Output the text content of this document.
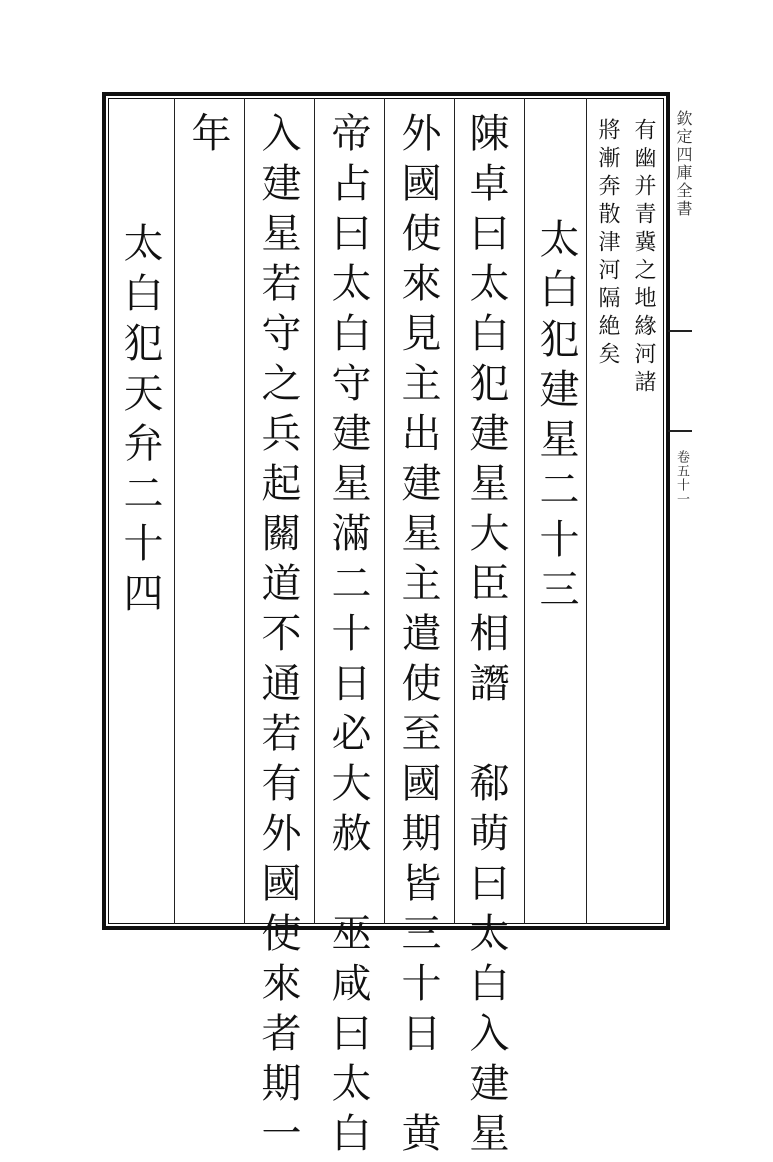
欽定四庫全書
卷五十一
有幽并青冀之地緣河諸
將漸奔散津河隔絶矣
太白犯建星二十三
陳卓曰太白犯建星大臣相譖　郗萌曰太白入建星
外國使來見主出建星主遣使至國期皆三十日　黄
帝占曰太白守建星滿二十日必大赦　巫咸曰太白
入建星若守之兵起關道不通若有外國使來者期一
年
太白犯天弁二十四
